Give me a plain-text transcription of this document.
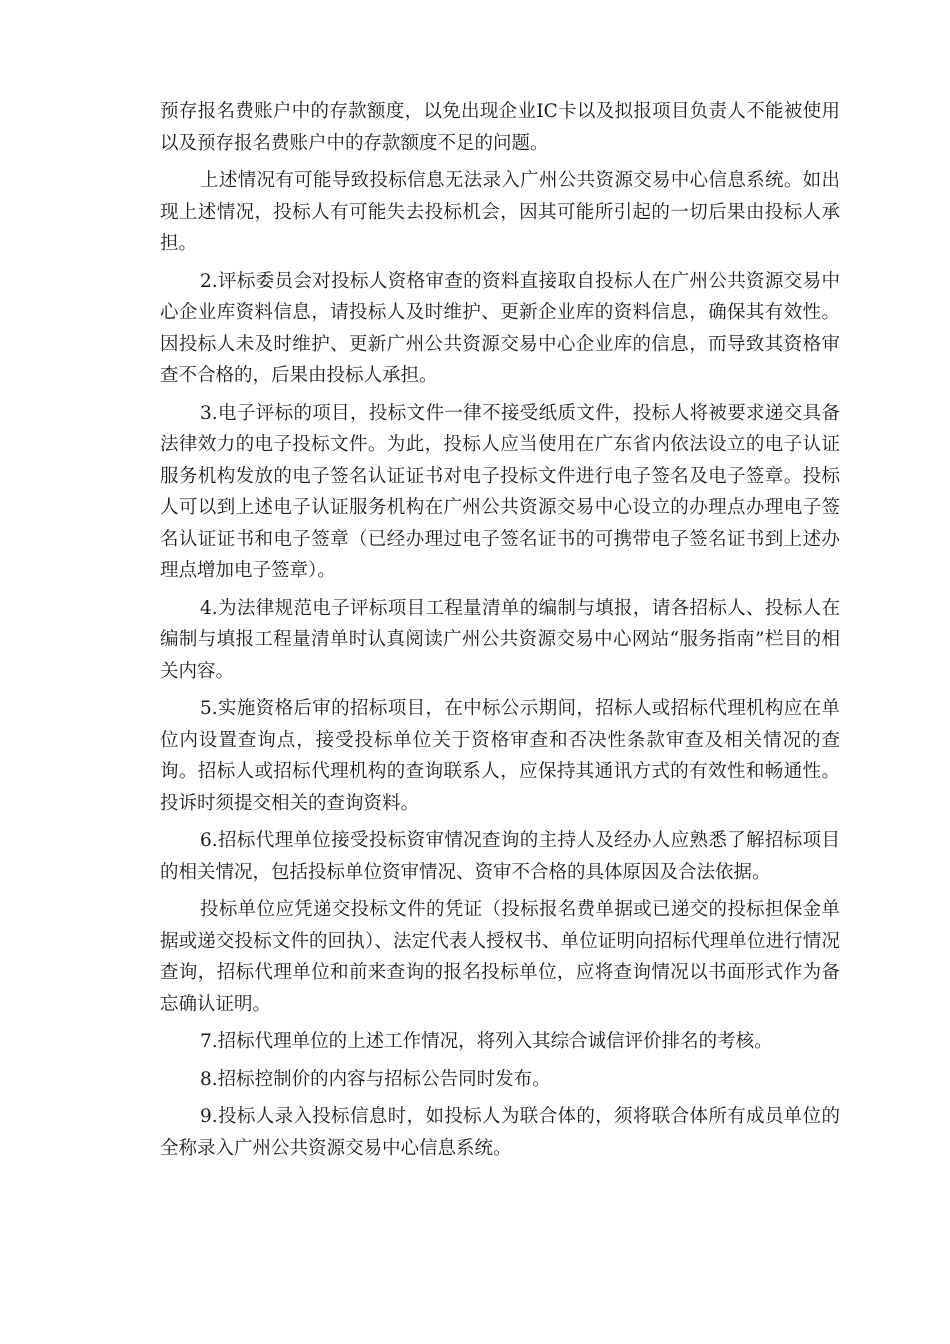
预存报名费账户中的存款额度，以免出现企业IC卡以及拟报项目负责人不能被使用以及预存报名费账户中的存款额度不足的问题。

上述情况有可能导致投标信息无法录入广州公共资源交易中心信息系统。如出现上述情况，投标人有可能失去投标机会，因其可能所引起的一切后果由投标人承担。

2.评标委员会对投标人资格审查的资料直接取自投标人在广州公共资源交易中心企业库资料信息，请投标人及时维护、更新企业库的资料信息，确保其有效性。因投标人未及时维护、更新广州公共资源交易中心企业库的信息，而导致其资格审查不合格的，后果由投标人承担。

3.电子评标的项目，投标文件一律不接受纸质文件，投标人将被要求递交具备法律效力的电子投标文件。为此，投标人应当使用在广东省内依法设立的电子认证服务机构发放的电子签名认证证书对电子投标文件进行电子签名及电子签章。投标人可以到上述电子认证服务机构在广州公共资源交易中心设立的办理点办理电子签名认证证书和电子签章（已经办理过电子签名证书的可携带电子签名证书到上述办理点增加电子签章）。

4.为法律规范电子评标项目工程量清单的编制与填报，请各招标人、投标人在编制与填报工程量清单时认真阅读广州公共资源交易中心网站“服务指南”栏目的相关内容。

5.实施资格后审的招标项目，在中标公示期间，招标人或招标代理机构应在单位内设置查询点，接受投标单位关于资格审查和否决性条款审查及相关情况的查询。招标人或招标代理机构的查询联系人，应保持其通讯方式的有效性和畅通性。投诉时须提交相关的查询资料。

6.招标代理单位接受投标资审情况查询的主持人及经办人应熟悉了解招标项目的相关情况，包括投标单位资审情况、资审不合格的具体原因及合法依据。

投标单位应凭递交投标文件的凭证（投标报名费单据或已递交的投标担保金单据或递交投标文件的回执）、法定代表人授权书、单位证明向招标代理单位进行情况查询，招标代理单位和前来查询的报名投标单位，应将查询情况以书面形式作为备忘确认证明。

7.招标代理单位的上述工作情况，将列入其综合诚信评价排名的考核。

8.招标控制价的内容与招标公告同时发布。

9.投标人录入投标信息时，如投标人为联合体的，须将联合体所有成员单位的全称录入广州公共资源交易中心信息系统。
